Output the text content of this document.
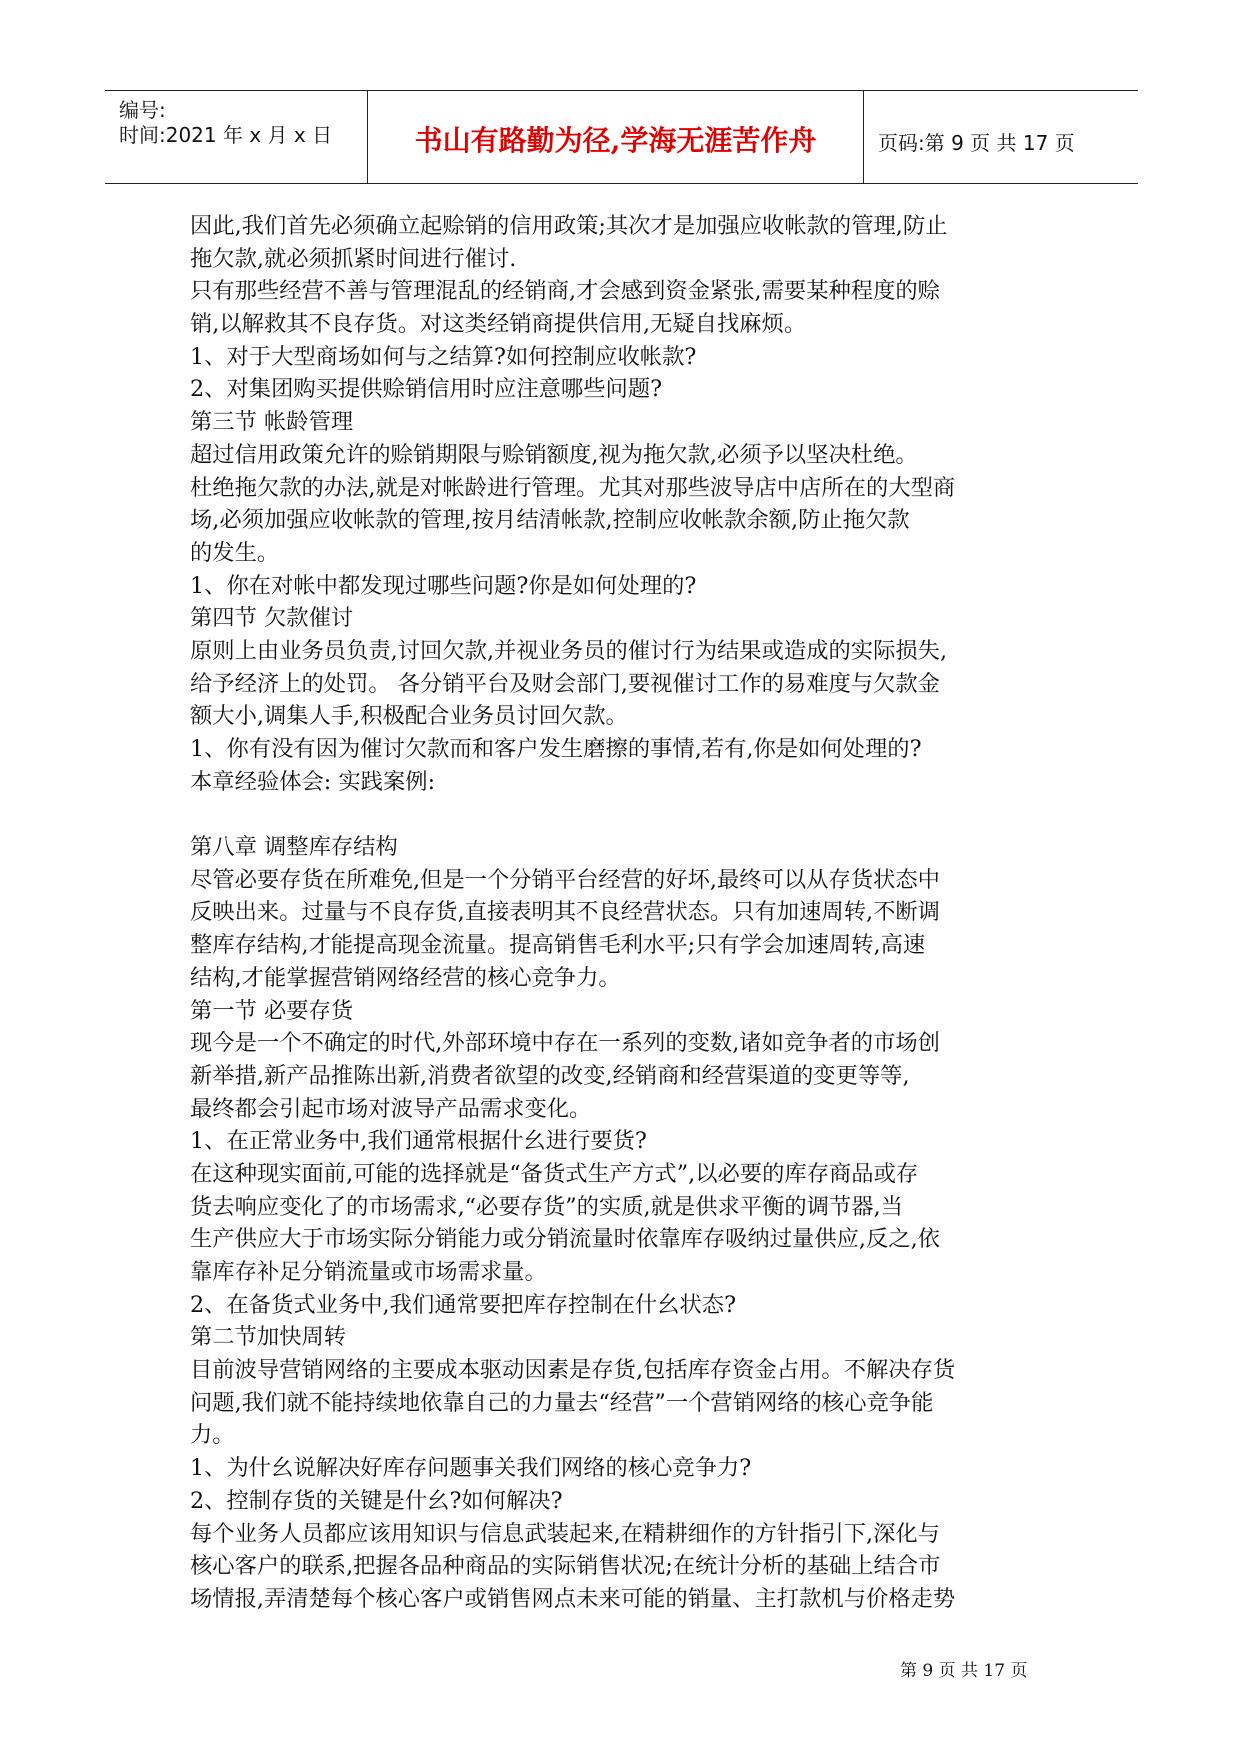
编号:
时间:2021 年 x 月 x 日	书山有路勤为径,学海无涯苦作舟	页码:第 9 页 共 17 页
因此,我们首先必须确立起赊销的信用政策;其次才是加强应收帐款的管理,防止
拖欠款,就必须抓紧时间进行催讨.
只有那些经营不善与管理混乱的经销商,才会感到资金紧张,需要某种程度的赊
销,以解救其不良存货。对这类经销商提供信用,无疑自找麻烦。
1、对于大型商场如何与之结算?如何控制应收帐款?
2、对集团购买提供赊销信用时应注意哪些问题?
第三节 帐龄管理
超过信用政策允许的赊销期限与赊销额度,视为拖欠款,必须予以坚决杜绝。
杜绝拖欠款的办法,就是对帐龄进行管理。尤其对那些波导店中店所在的大型商
场,必须加强应收帐款的管理,按月结清帐款,控制应收帐款余额,防止拖欠款
的发生。
1、你在对帐中都发现过哪些问题?你是如何处理的?
第四节 欠款催讨
原则上由业务员负责,讨回欠款,并视业务员的催讨行为结果或造成的实际损失,
给予经济上的处罚。 各分销平台及财会部门,要视催讨工作的易难度与欠款金
额大小,调集人手,积极配合业务员讨回欠款。
1、你有没有因为催讨欠款而和客户发生磨擦的事情,若有,你是如何处理的?
本章经验体会: 实践案例:
第八章 调整库存结构
尽管必要存货在所难免,但是一个分销平台经营的好坏,最终可以从存货状态中
反映出来。过量与不良存货,直接表明其不良经营状态。只有加速周转,不断调
整库存结构,才能提高现金流量。提高销售毛利水平;只有学会加速周转,高速
结构,才能掌握营销网络经营的核心竞争力。
第一节 必要存货
现今是一个不确定的时代,外部环境中存在一系列的变数,诸如竞争者的市场创
新举措,新产品推陈出新,消费者欲望的改变,经销商和经营渠道的变更等等,
最终都会引起市场对波导产品需求变化。
1、在正常业务中,我们通常根据什幺进行要货?
在这种现实面前,可能的选择就是“备货式生产方式”,以必要的库存商品或存
货去响应变化了的市场需求,“必要存货”的实质,就是供求平衡的调节器,当
生产供应大于市场实际分销能力或分销流量时依靠库存吸纳过量供应,反之,依
靠库存补足分销流量或市场需求量。
2、在备货式业务中,我们通常要把库存控制在什幺状态?
第二节加快周转
目前波导营销网络的主要成本驱动因素是存货,包括库存资金占用。不解决存货
问题,我们就不能持续地依靠自己的力量去“经营”一个营销网络的核心竞争能
力。
1、为什幺说解决好库存问题事关我们网络的核心竞争力?
2、控制存货的关键是什幺?如何解决?
每个业务人员都应该用知识与信息武装起来,在精耕细作的方针指引下,深化与
核心客户的联系,把握各品种商品的实际销售状况;在统计分析的基础上结合市
场情报,弄清楚每个核心客户或销售网点未来可能的销量、主打款机与价格走势
第 9 页 共 17 页
